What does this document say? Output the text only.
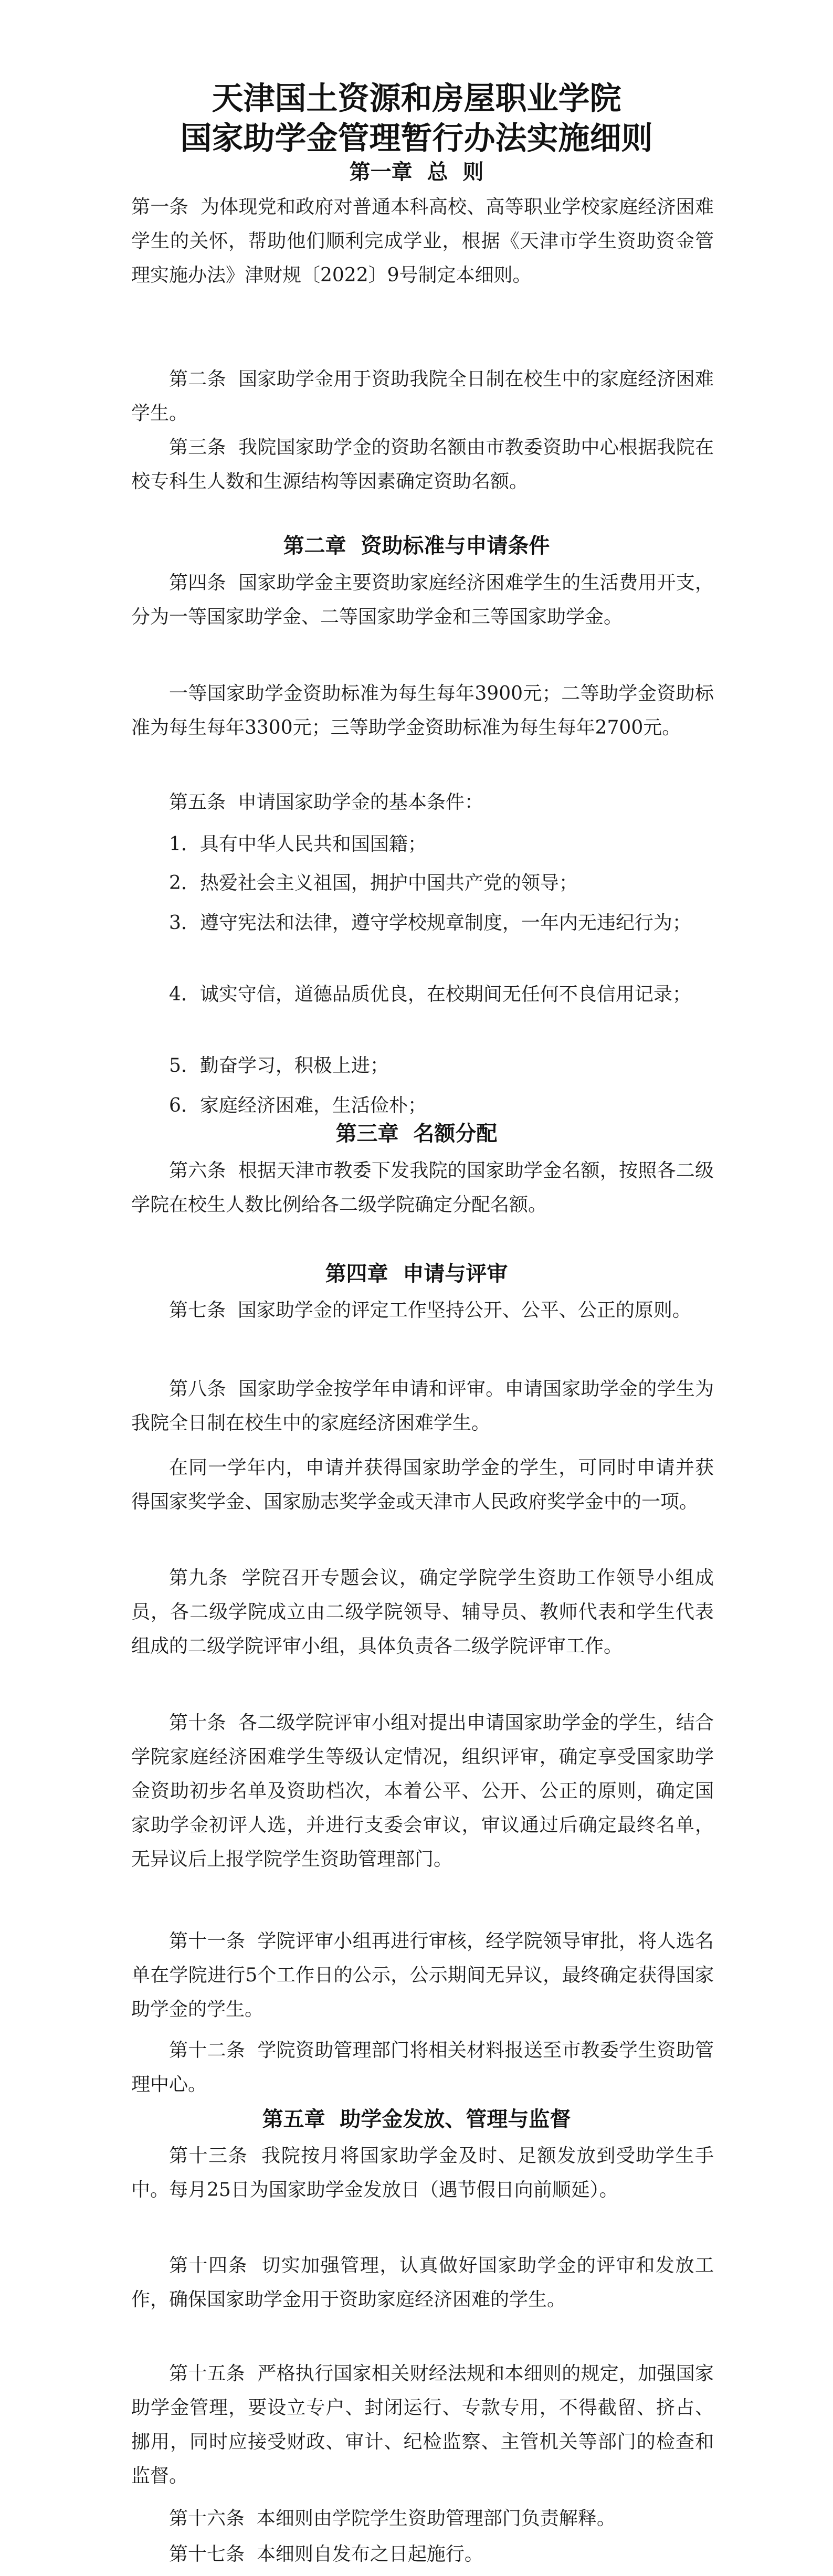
天津国土资源和房屋职业学院
国家助学金管理暂行办法实施细则
第一章  总  则

第一条  为体现党和政府对普通本科高校、高等职业学校家庭经济困难学生的关怀，帮助他们顺利完成学业，根据《天津市学生资助资金管理实施办法》津财规〔2022〕9号制定本细则。

第二条  国家助学金用于资助我院全日制在校生中的家庭经济困难学生。

第三条  我院国家助学金的资助名额由市教委资助中心根据我院在校专科生人数和生源结构等因素确定资助名额。

第二章  资助标准与申请条件

第四条  国家助学金主要资助家庭经济困难学生的生活费用开支，分为一等国家助学金、二等国家助学金和三等国家助学金。

一等国家助学金资助标准为每生每年3900元；二等助学金资助标准为每生每年3300元；三等助学金资助标准为每生每年2700元。

第五条  申请国家助学金的基本条件：

1．具有中华人民共和国国籍；

2．热爱社会主义祖国，拥护中国共产党的领导；

3．遵守宪法和法律，遵守学校规章制度，一年内无违纪行为；

4．诚实守信，道德品质优良，在校期间无任何不良信用记录；

5．勤奋学习，积极上进；

6．家庭经济困难，生活俭朴；

第三章  名额分配

第六条  根据天津市教委下发我院的国家助学金名额，按照各二级学院在校生人数比例给各二级学院确定分配名额。

第四章  申请与评审

第七条  国家助学金的评定工作坚持公开、公平、公正的原则。

第八条  国家助学金按学年申请和评审。申请国家助学金的学生为我院全日制在校生中的家庭经济困难学生。

在同一学年内，申请并获得国家助学金的学生，可同时申请并获得国家奖学金、国家励志奖学金或天津市人民政府奖学金中的一项。

第九条  学院召开专题会议，确定学院学生资助工作领导小组成员，各二级学院成立由二级学院领导、辅导员、教师代表和学生代表组成的二级学院评审小组，具体负责各二级学院评审工作。

第十条  各二级学院评审小组对提出申请国家助学金的学生，结合学院家庭经济困难学生等级认定情况，组织评审，确定享受国家助学金资助初步名单及资助档次，本着公平、公开、公正的原则，确定国家助学金初评人选，并进行支委会审议，审议通过后确定最终名单，无异议后上报学院学生资助管理部门。

第十一条  学院评审小组再进行审核，经学院领导审批，将人选名单在学院进行5个工作日的公示，公示期间无异议，最终确定获得国家助学金的学生。

第十二条  学院资助管理部门将相关材料报送至市教委学生资助管理中心。

第五章  助学金发放、管理与监督

第十三条  我院按月将国家助学金及时、足额发放到受助学生手中。每月25日为国家助学金发放日（遇节假日向前顺延）。

第十四条  切实加强管理，认真做好国家助学金的评审和发放工作，确保国家助学金用于资助家庭经济困难的学生。

第十五条  严格执行国家相关财经法规和本细则的规定，加强国家助学金管理，要设立专户、封闭运行、专款专用，不得截留、挤占、挪用，同时应接受财政、审计、纪检监察、主管机关等部门的检查和监督。

第十六条  本细则由学院学生资助管理部门负责解释。

第十七条  本细则自发布之日起施行。
